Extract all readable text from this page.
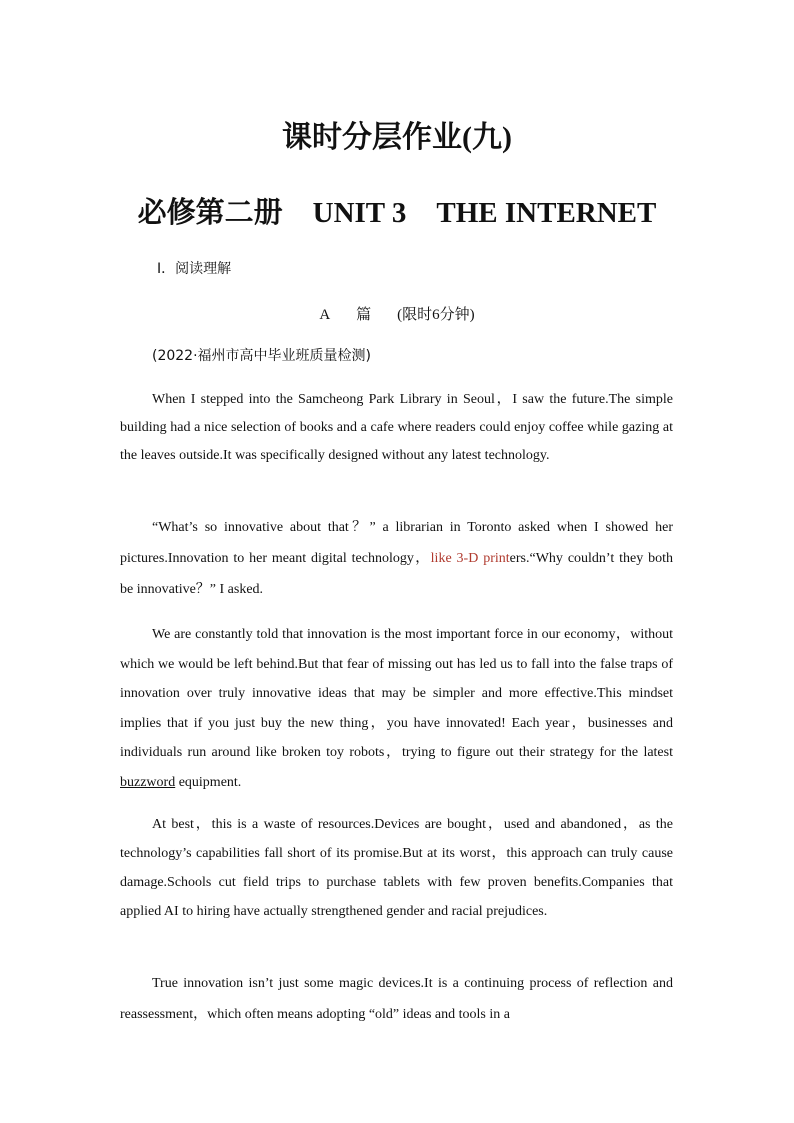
课时分层作业(九)
必修第二册 UNIT 3 THE INTERNET
Ⅰ．阅读理解
A 篇 (限时6分钟)
(2022·福州市高中毕业班质量检测)

When I stepped into the Samcheong Park Library in Seoul，I saw the future.The simple building had a nice selection of books and a cafe where readers could enjoy coffee while gazing at the leaves outside.It was specifically designed without any latest technology.

“What’s so innovative about that？” a librarian in Toronto asked when I showed her pictures.Innovation to her meant digital technology，like 3-D printers.“Why couldn’t they both be innovative？” I asked.

We are constantly told that innovation is the most important force in our economy，without which we would be left behind.But that fear of missing out has led us to fall into the false traps of innovation over truly innovative ideas that may be simpler and more effective.This mindset implies that if you just buy the new thing，you have innovated! Each year，businesses and individuals run around like broken toy robots，trying to figure out their strategy for the latest buzzword equipment.

At best，this is a waste of resources.Devices are bought，used and abandoned，as the technology’s capabilities fall short of its promise.But at its worst，this approach can truly cause damage.Schools cut field trips to purchase tablets with few proven benefits.Companies that applied AI to hiring have actually strengthened gender and racial prejudices.

True innovation isn’t just some magic devices.It is a continuing process of reflection and reassessment，which often means adopting “old” ideas and tools in a
